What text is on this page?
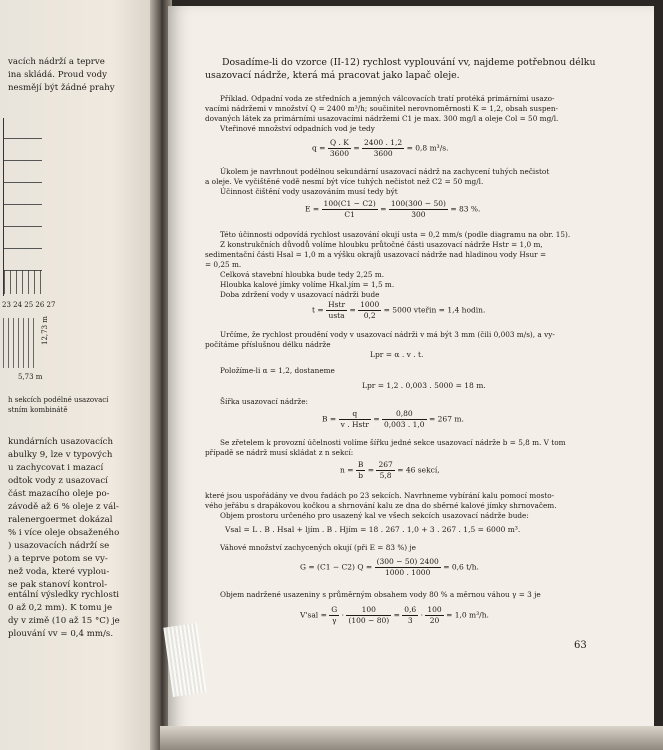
vacích nádrží a teprve
ina skládá. Proud vody
nesmějí být žádné prahy
23 24 25 26 27
12,73 m
5,73 m
h sekcích podélné usazovací
stním kombinátě
kundárních usazovacích
abulky 9, lze v typových
u zachycovat i mazací
odtok vody z usazovací
část mazacího oleje po-
závodě až 6 % oleje z vál-
ralenergoermet dokázal
% i více oleje obsaženého
) usazovacích nádrží se
) a teprve potom se vy-
než voda, které vyplou-
se pak stanoví kontrol-
entální výsledky rychlosti
0 až 0,2 mm). K tomu je
dy v zimě (10 až 15 °C) je
plouvání vv = 0,4 mm/s.
Dosadíme-li do vzorce (II-12) rychlost vyplouvání vv, najdeme potřebnou délku
usazovací nádrže, která má pracovat jako lapač oleje.
Příklad. Odpadní voda ze středních a jemných válcovacích tratí protéká primárními usazo-
vacími nádržemi v množství Q = 2400 m³/h; součinitel nerovnoměrnosti K = 1,2, obsah suspen-
dovaných látek za primárními usazovacími nádržemi C1 je max. 300 mg/l a oleje Col = 50 mg/l.
Vteřinové množství odpadních vod je tedy
$q = \frac{Q . K}{3600} = \frac{2400 . 1,2}{3600} = 0,8$ m³/s.
Úkolem je navrhnout podélnou sekundární usazovací nádrž na zachycení tuhých nečistot
a oleje. Ve vyčištěné vodě nesmí být více tuhých nečistot než C2 = 50 mg/l.
Účinnost čištění vody usazováním musí tedy být
$E = \frac{100(C1 - C2)}{C1} = \frac{100(300 - 50)}{300} = 83$ %.
Této účinnosti odpovídá rychlost usazování okují usta = 0,2 mm/s (podle diagramu na obr. 15).
Z konstrukčních důvodů volíme hloubku průtočné části usazovací nádrže Hstr = 1,0 m,
sedimentační části Hsal = 1,0 m a výšku okrajů usazovací nádrže nad hladinou vody Hsur =
= 0,25 m.
Celková stavební hloubka bude tedy 2,25 m.
Hloubka kalové jímky volíme Hkal.jím = 1,5 m.
Doba zdržení vody v usazovací nádrži bude
$t = \frac{\text{Hstr}}{\text{usta}} = \frac{1000}{0,2} = 5000$ vteřin = 1,4 hodin.
Určíme, že rychlost proudění vody v usazovací nádrži v má být 3 mm (čili 0,003 m/s), a vy-
počítáme příslušnou délku nádrže
Lpr = α . v . t.
Položíme-li α = 1,2, dostaneme
Lpr = 1,2 . 0,003 . 5000 = 18 m.
Šířka usazovací nádrže:
$B = \frac{q}{\text{v . Hstr}} = \frac{0,80}{0,003 . 1,0} = 267$ m.
Se zřetelem k provozní účelnosti volíme šířku jedné sekce usazovací nádrže b = 5,8 m. V tom
případě se nádrž musí skládat z n sekcí:
$n = \frac{B}{b} = \frac{267}{5,8} = 46$ sekcí,
které jsou uspořádány ve dvou řadách po 23 sekcích. Navrhneme vybírání kalu pomocí mosto-
vého jeřábu s drapákovou kočkou a shrnování kalu ze dna do sběrné kalové jímky shrnovačem.
Objem prostoru určeného pro usazený kal ve všech sekcích usazovací nádrže bude:
Vsal = L . B . Hsal + ljím . B . Hjím = 18 . 267 . 1,0 + 3 . 267 . 1,5 = 6000 m³.
Váhové množství zachycených okují (při E = 83 %) je
G = (C1 − C2) $Q = \frac{(300 - 50) 2400}{1000 . 1000} = 0,6$ t/h.
Objem nadržené usazeniny s průměrným obsahem vody 80 % a měrnou váhou γ = 3 je
$V'sal = \frac{G}{\gamma} \cdot \frac{100}{(100 - 80)} = \frac{0,6}{3} \cdot \frac{100}{20} = 1,0$ m³/h.
63
